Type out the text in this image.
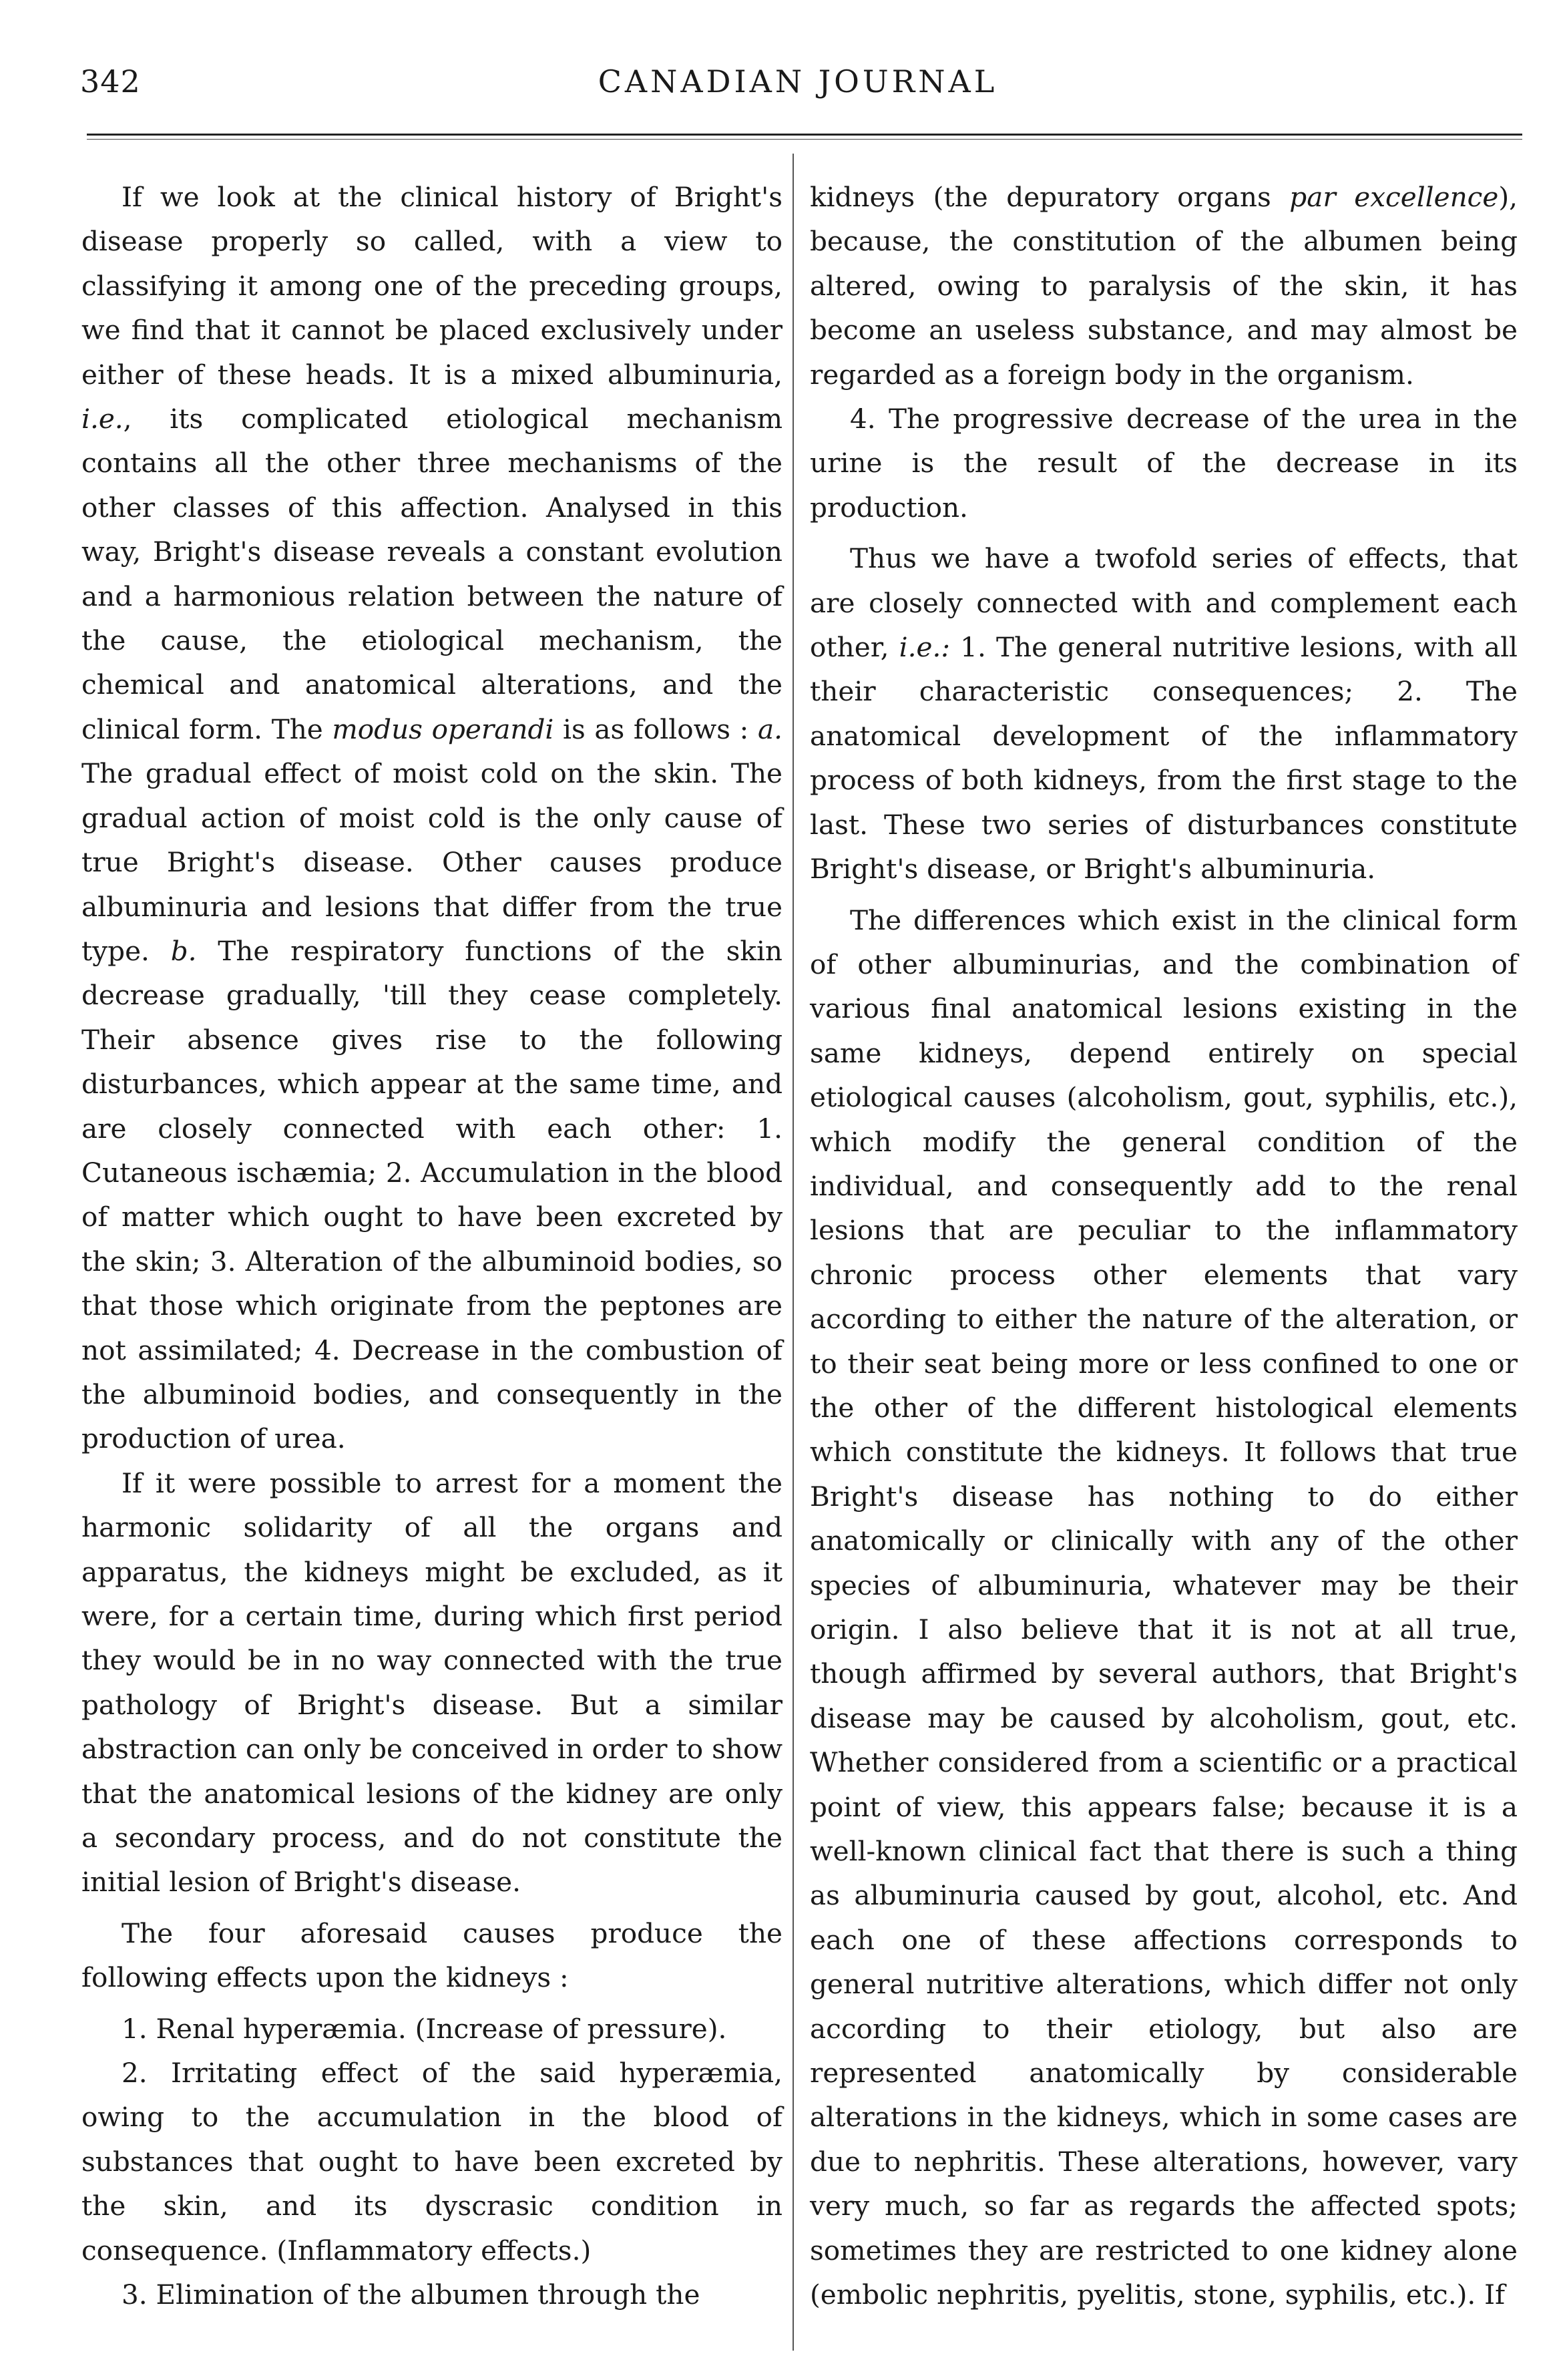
342	CANADIAN JOURNAL

If we look at the clinical history of Bright's disease properly so called, with a view to classifying it among one of the preceding groups, we find that it cannot be placed exclusively under either of these heads. It is a mixed albuminuria, i.e., its complicated etiological mechanism contains all the other three mechanisms of the other classes of this affection. Analysed in this way, Bright's disease reveals a constant evolution and a harmonious relation between the nature of the cause, the etiological mechanism, the chemical and anatomical alterations, and the clinical form. The modus operandi is as follows : a. The gradual effect of moist cold on the skin. The gradual action of moist cold is the only cause of true Bright's disease. Other causes produce albuminuria and lesions that differ from the true type. b. The respiratory functions of the skin decrease gradually, 'till they cease completely. Their absence gives rise to the following disturbances, which appear at the same time, and are closely connected with each other: 1. Cutaneous ischæmia; 2. Accumulation in the blood of matter which ought to have been excreted by the skin; 3. Alteration of the albuminoid bodies, so that those which originate from the peptones are not assimilated; 4. Decrease in the combustion of the albuminoid bodies, and consequently in the production of urea.

If it were possible to arrest for a moment the harmonic solidarity of all the organs and apparatus, the kidneys might be excluded, as it were, for a certain time, during which first period they would be in no way connected with the true pathology of Bright's disease. But a similar abstraction can only be conceived in order to show that the anatomical lesions of the kidney are only a secondary process, and do not constitute the initial lesion of Bright's disease.

The four aforesaid causes produce the following effects upon the kidneys :

1. Renal hyperæmia. (Increase of pressure).

2. Irritating effect of the said hyperæmia, owing to the accumulation in the blood of substances that ought to have been excreted by the skin, and its dyscrasic condition in consequence. (Inflammatory effects.)

3. Elimination of the albumen through the

kidneys (the depuratory organs par excellence), because, the constitution of the albumen being altered, owing to paralysis of the skin, it has become an useless substance, and may almost be regarded as a foreign body in the organism.

4. The progressive decrease of the urea in the urine is the result of the decrease in its production.

Thus we have a twofold series of effects, that are closely connected with and complement each other, i.e.: 1. The general nutritive lesions, with all their characteristic consequences; 2. The anatomical development of the inflammatory process of both kidneys, from the first stage to the last. These two series of disturbances constitute Bright's disease, or Bright's albuminuria.

The differences which exist in the clinical form of other albuminurias, and the combination of various final anatomical lesions existing in the same kidneys, depend entirely on special etiological causes (alcoholism, gout, syphilis, etc.), which modify the general condition of the individual, and consequently add to the renal lesions that are peculiar to the inflammatory chronic process other elements that vary according to either the nature of the alteration, or to their seat being more or less confined to one or the other of the different histological elements which constitute the kidneys. It follows that true Bright's disease has nothing to do either anatomically or clinically with any of the other species of albuminuria, whatever may be their origin. I also believe that it is not at all true, though affirmed by several authors, that Bright's disease may be caused by alcoholism, gout, etc. Whether considered from a scientific or a practical point of view, this appears false; because it is a well-known clinical fact that there is such a thing as albuminuria caused by gout, alcohol, etc. And each one of these affections corresponds to general nutritive alterations, which differ not only according to their etiology, but also are represented anatomically by considerable alterations in the kidneys, which in some cases are due to nephritis. These alterations, however, vary very much, so far as regards the affected spots; sometimes they are restricted to one kidney alone (embolic nephritis, pyelitis, stone, syphilis, etc.). If
